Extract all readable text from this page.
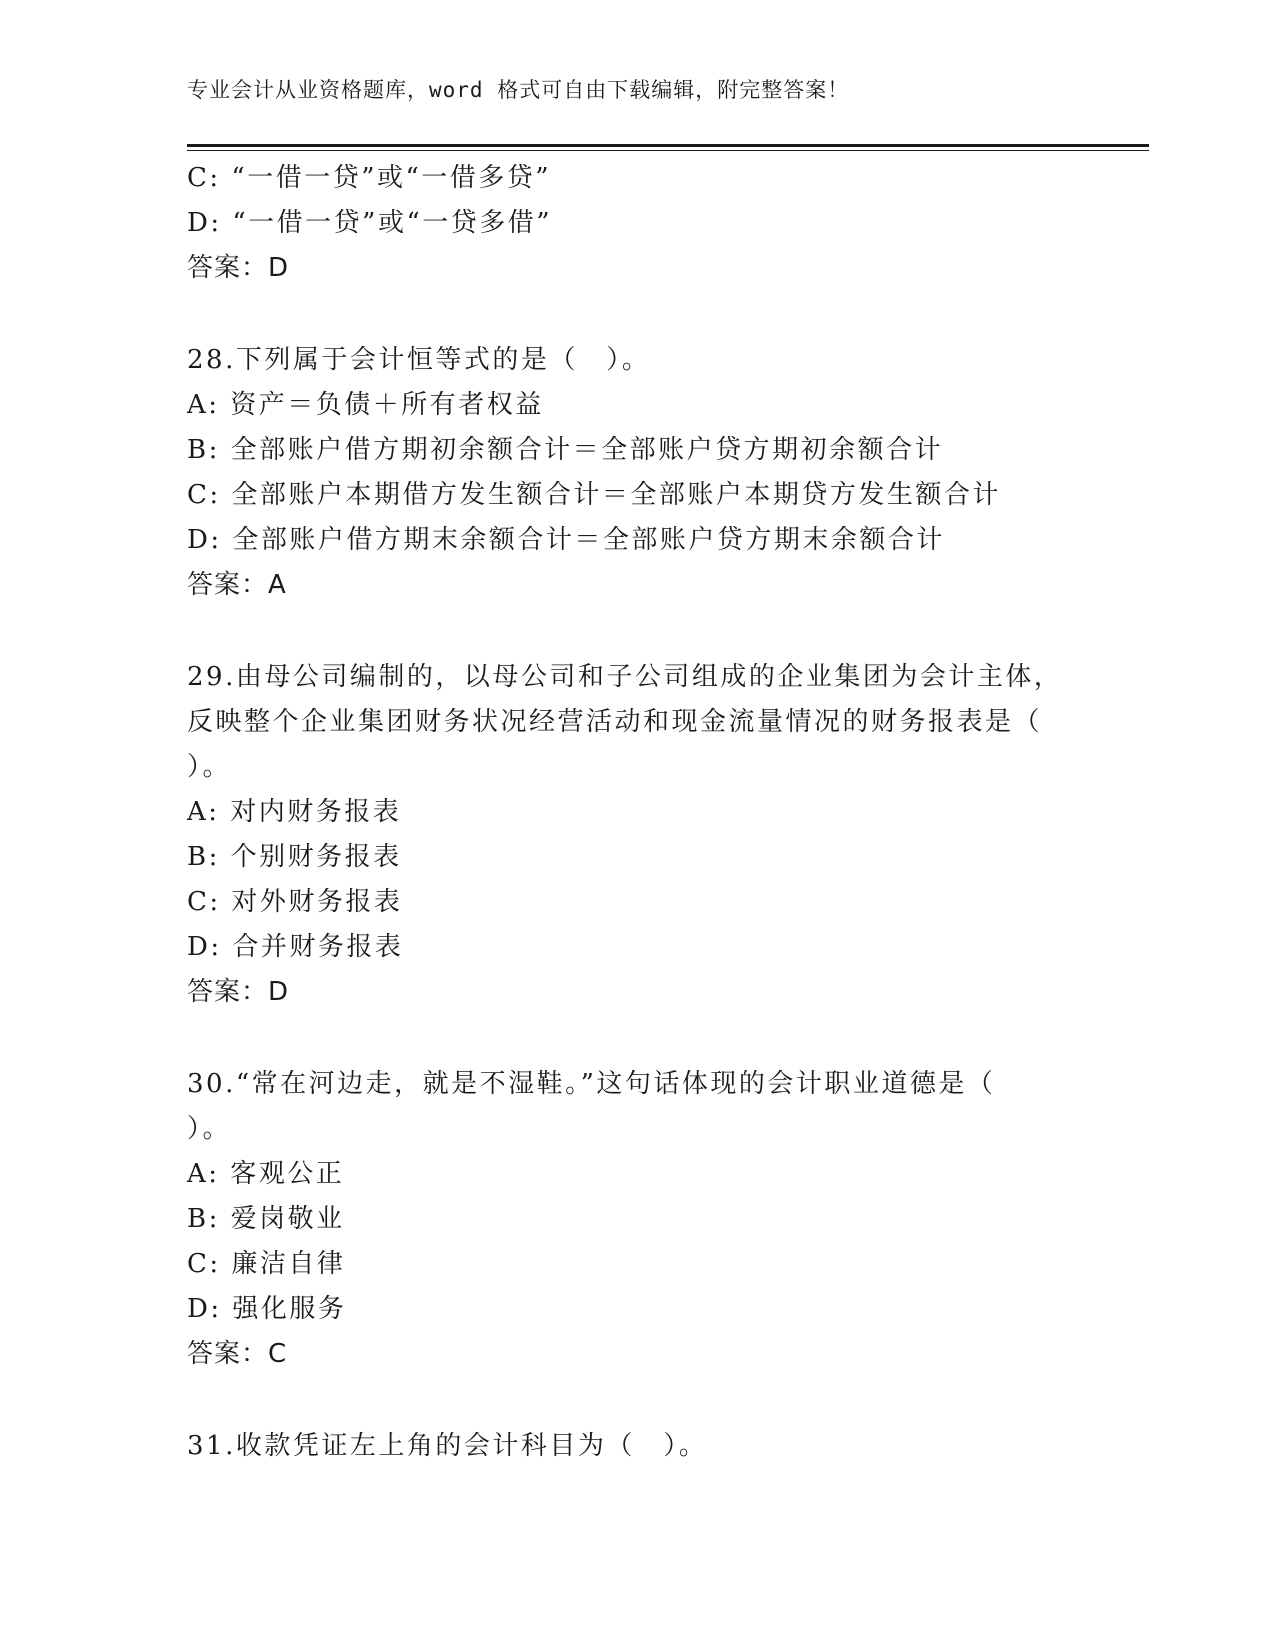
专业会计从业资格题库，word 格式可自由下载编辑，附完整答案！
C: “一借一贷”或“一借多贷”
D: “一借一贷”或“一贷多借”
答案：D
28.下列属于会计恒等式的是（　）。
A: 资产＝负债＋所有者权益
B: 全部账户借方期初余额合计＝全部账户贷方期初余额合计
C: 全部账户本期借方发生额合计＝全部账户本期贷方发生额合计
D: 全部账户借方期末余额合计＝全部账户贷方期末余额合计
答案：A
29.由母公司编制的，以母公司和子公司组成的企业集团为会计主体，
反映整个企业集团财务状况经营活动和现金流量情况的财务报表是（
）。
A: 对内财务报表
B: 个别财务报表
C: 对外财务报表
D: 合并财务报表
答案：D
30.“常在河边走，就是不湿鞋。”这句话体现的会计职业道德是（
）。
A: 客观公正
B: 爱岗敬业
C: 廉洁自律
D: 强化服务
答案：C
31.收款凭证左上角的会计科目为（　）。
